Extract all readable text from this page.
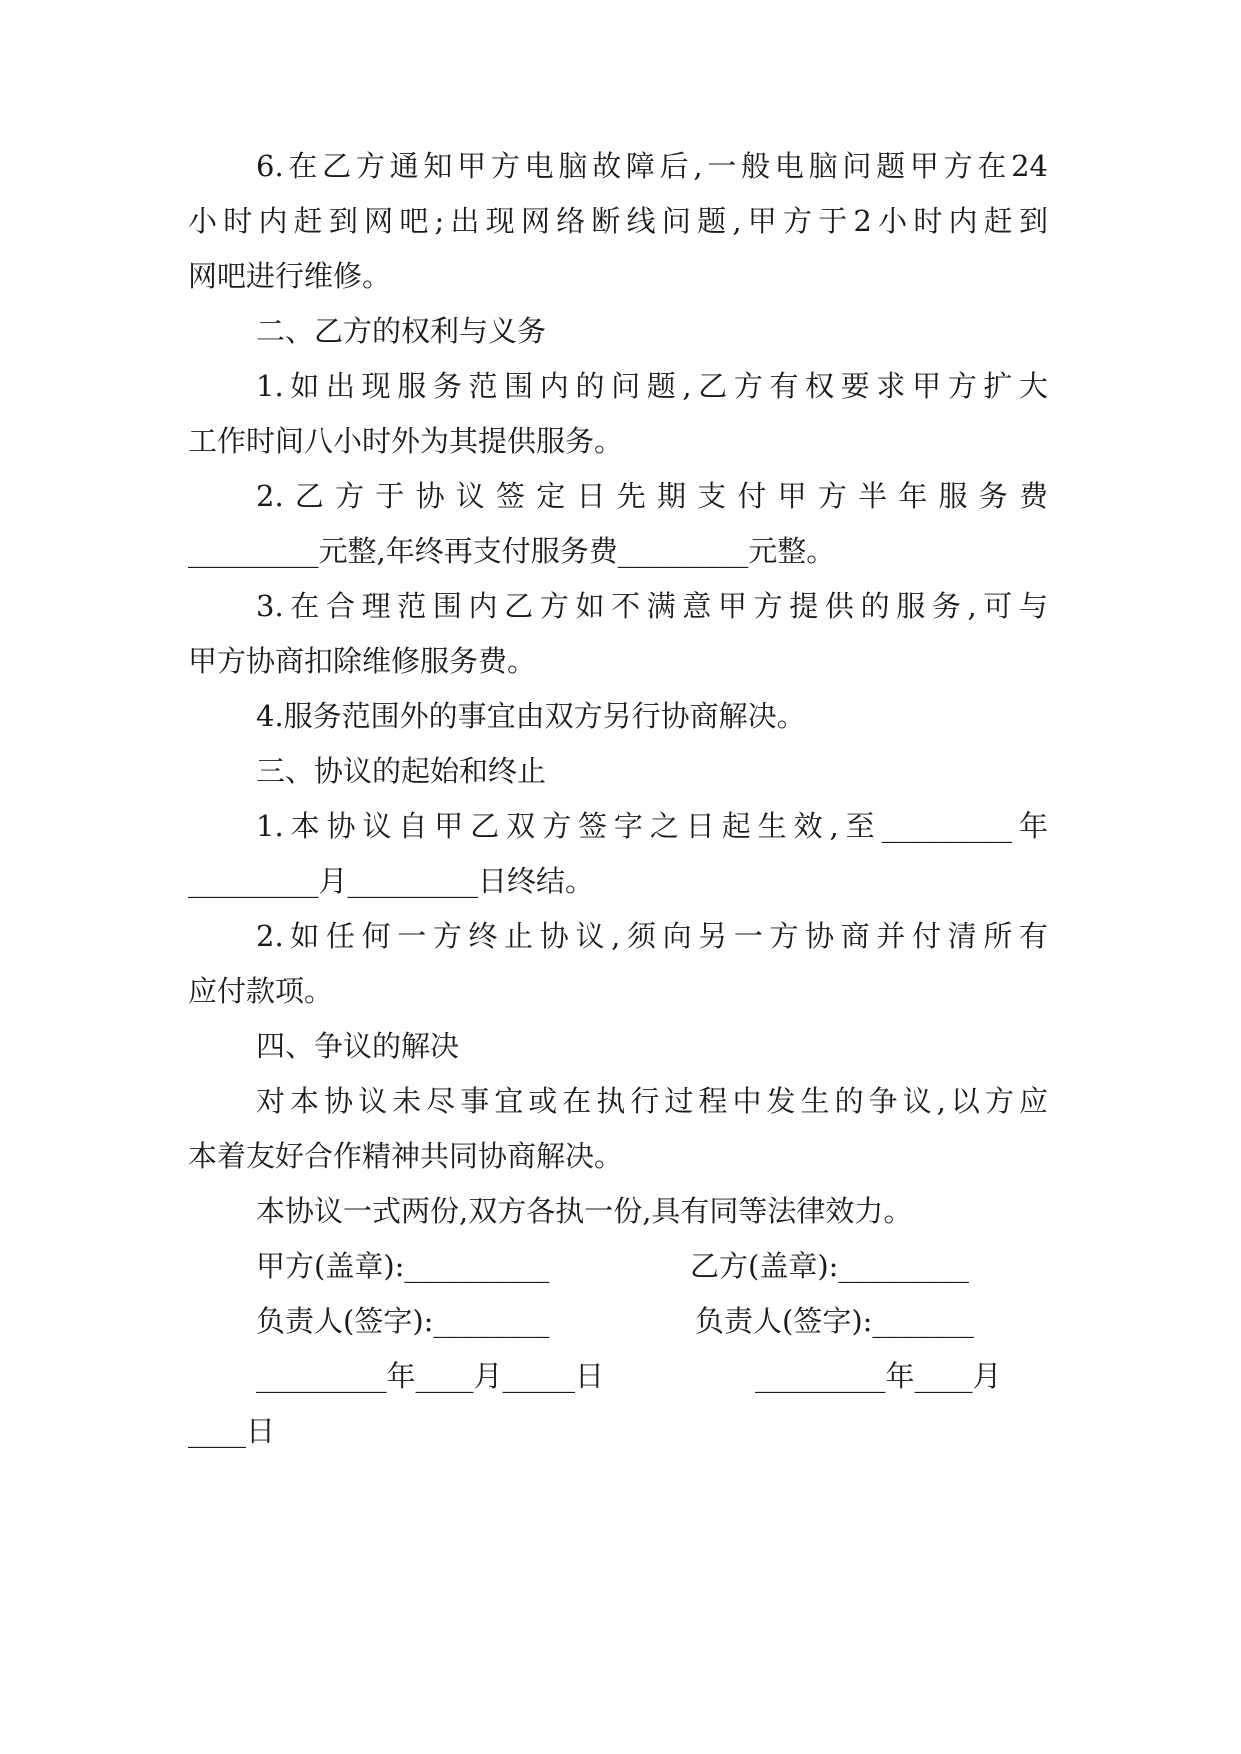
6.在乙方通知甲方电脑故障后,一般电脑问题甲方在24
小时内赶到网吧;出现网络断线问题,甲方于2小时内赶到
网吧进行维修。
二、乙方的权利与义务
1.如出现服务范围内的问题,乙方有权要求甲方扩大
工作时间八小时外为其提供服务。
2.乙方于协议签定日先期支付甲方半年服务费
_________元整,年终再支付服务费_________元整。
3.在合理范围内乙方如不满意甲方提供的服务,可与
甲方协商扣除维修服务费。
4.服务范围外的事宜由双方另行协商解决。
三、协议的起始和终止
1.本协议自甲乙双方签字之日起生效,至_________年
_________月_________日终结。
2.如任何一方终止协议,须向另一方协商并付清所有
应付款项。
四、争议的解决
对本协议未尽事宜或在执行过程中发生的争议,以方应
本着友好合作精神共同协商解决。
本协议一式两份,双方各执一份,具有同等法律效力。
甲方(盖章):__________	乙方(盖章):_________
负责人(签字):________	负责人(签字):_______
_________年____月_____日	_________年____月
____日
